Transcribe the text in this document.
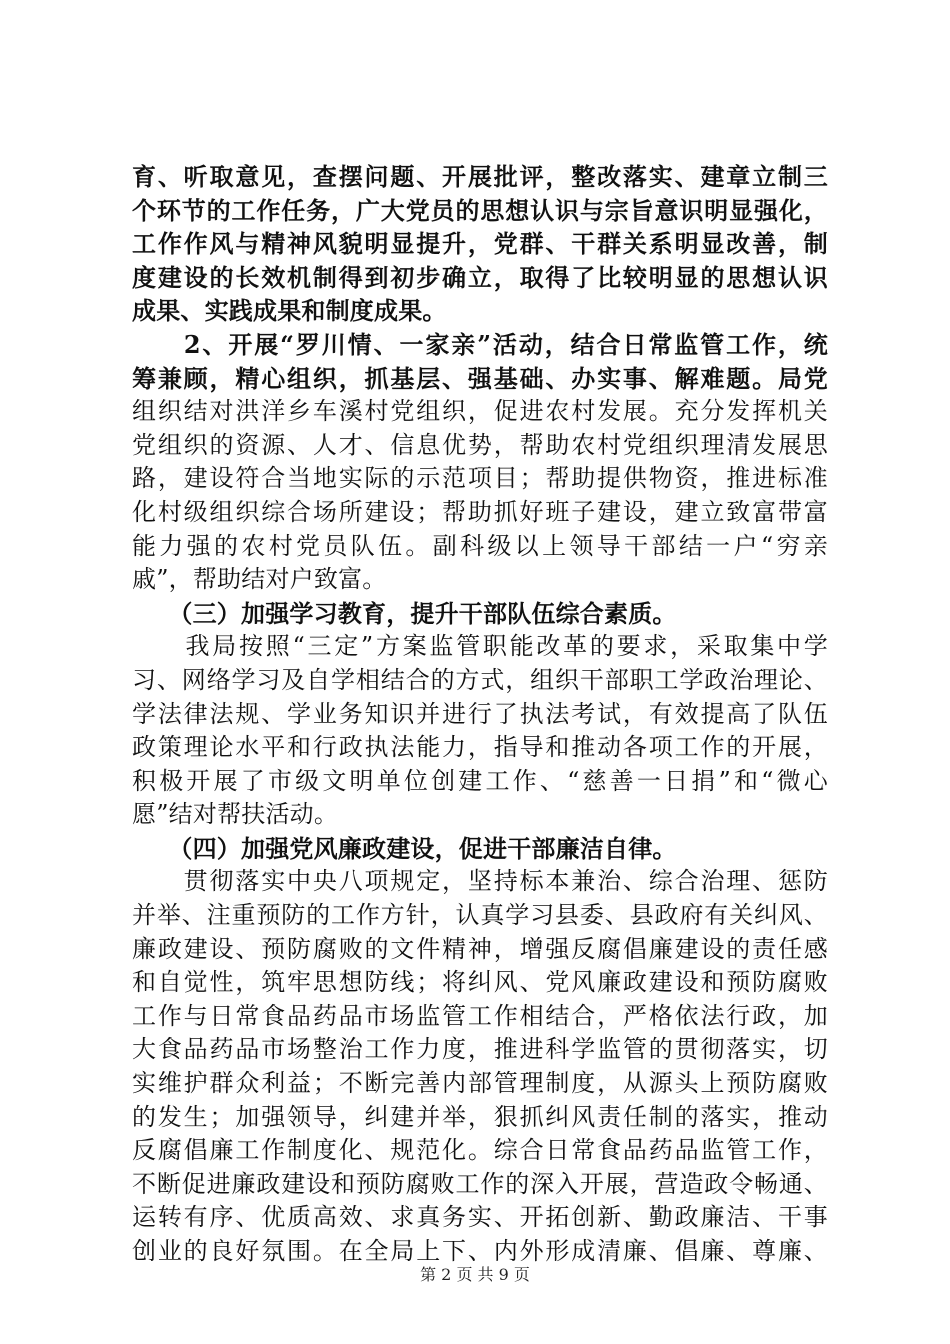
育、听取意见，查摆问题、开展批评，整改落实、建章立制三
个环节的工作任务，广大党员的思想认识与宗旨意识明显强化，
工作作风与精神风貌明显提升，党群、干群关系明显改善，制
度建设的长效机制得到初步确立，取得了比较明显的思想认识
成果、实践成果和制度成果。
　　2、开展“罗川情、一家亲”活动，结合日常监管工作，统
筹兼顾，精心组织，抓基层、强基础、办实事、解难题。局党
组织结对洪洋乡车溪村党组织，促进农村发展。充分发挥机关
党组织的资源、人才、信息优势，帮助农村党组织理清发展思
路，建设符合当地实际的示范项目；帮助提供物资，推进标准
化村级组织综合场所建设；帮助抓好班子建设，建立致富带富
能力强的农村党员队伍。副科级以上领导干部结一户“穷亲
戚”，帮助结对户致富。
　　（三）加强学习教育，提升干部队伍综合素质。
　　我局按照“三定”方案监管职能改革的要求，采取集中学
习、网络学习及自学相结合的方式，组织干部职工学政治理论、
学法律法规、学业务知识并进行了执法考试，有效提高了队伍
政策理论水平和行政执法能力，指导和推动各项工作的开展，
积极开展了市级文明单位创建工作、“慈善一日捐”和“微心
愿”结对帮扶活动。
　　（四）加强党风廉政建设，促进干部廉洁自律。
　　贯彻落实中央八项规定，坚持标本兼治、综合治理、惩防
并举、注重预防的工作方针，认真学习县委、县政府有关纠风、
廉政建设、预防腐败的文件精神，增强反腐倡廉建设的责任感
和自觉性，筑牢思想防线；将纠风、党风廉政建设和预防腐败
工作与日常食品药品市场监管工作相结合，严格依法行政，加
大食品药品市场整治工作力度，推进科学监管的贯彻落实，切
实维护群众利益；不断完善内部管理制度，从源头上预防腐败
的发生；加强领导，纠建并举，狠抓纠风责任制的落实，推动
反腐倡廉工作制度化、规范化。综合日常食品药品监管工作，
不断促进廉政建设和预防腐败工作的深入开展，营造政令畅通、
运转有序、优质高效、求真务实、开拓创新、勤政廉洁、干事
创业的良好氛围。在全局上下、内外形成清廉、倡廉、尊廉、
第 2 页 共 9 页
